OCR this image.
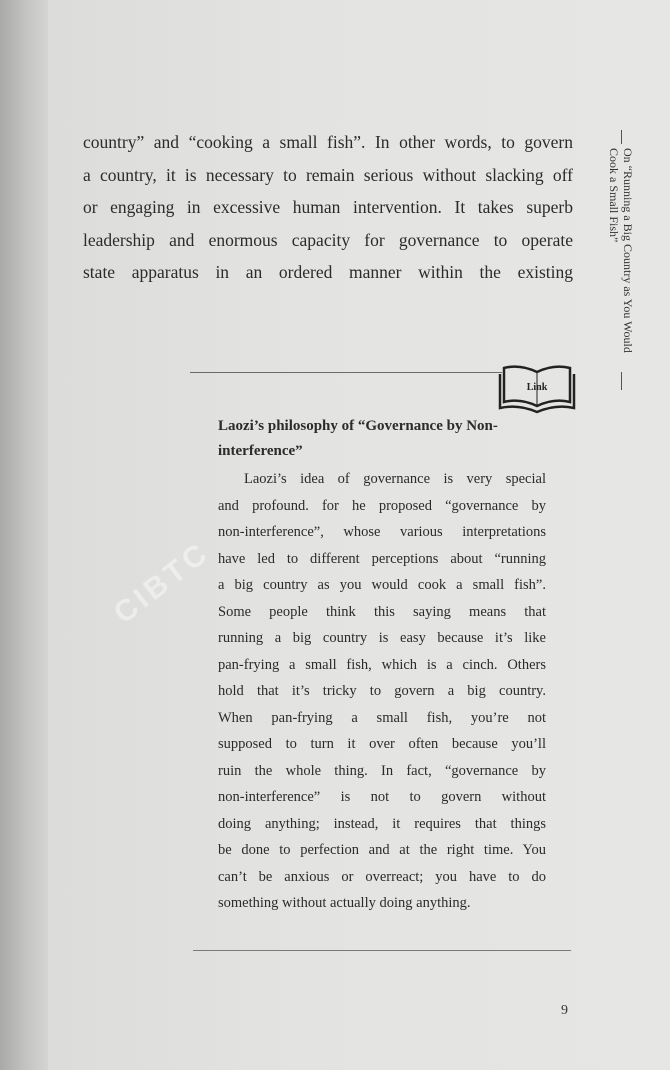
country” and “cooking a small fish”. In other words, to govern
a country, it is necessary to remain serious without slacking off
or engaging in excessive human intervention. It takes superb
leadership and enormous capacity for governance to operate
state apparatus in an ordered manner within the existing	On “Running a Big Country as You Would Cook a Small Fish”
Link
Laozi’s philosophy of “Governance by Non-interference”

Laozi’s idea of governance is very special
and profound. for he proposed “governance by
non-interference”, whose various interpretations
have led to different perceptions about “running
a big country as you would cook a small fish”.
Some people think this saying means that
running a big country is easy because it’s like
pan-frying a small fish, which is a cinch. Others
hold that it’s tricky to govern a big country.
When pan-frying a small fish, you’re not
supposed to turn it over often because you’ll
ruin the whole thing. In fact, “governance by
non-interference” is not to govern without
doing anything; instead, it requires that things
be done to perfection and at the right time. You
can’t be anxious or overreact; you have to do
something without actually doing anything.

CIBTC
9
